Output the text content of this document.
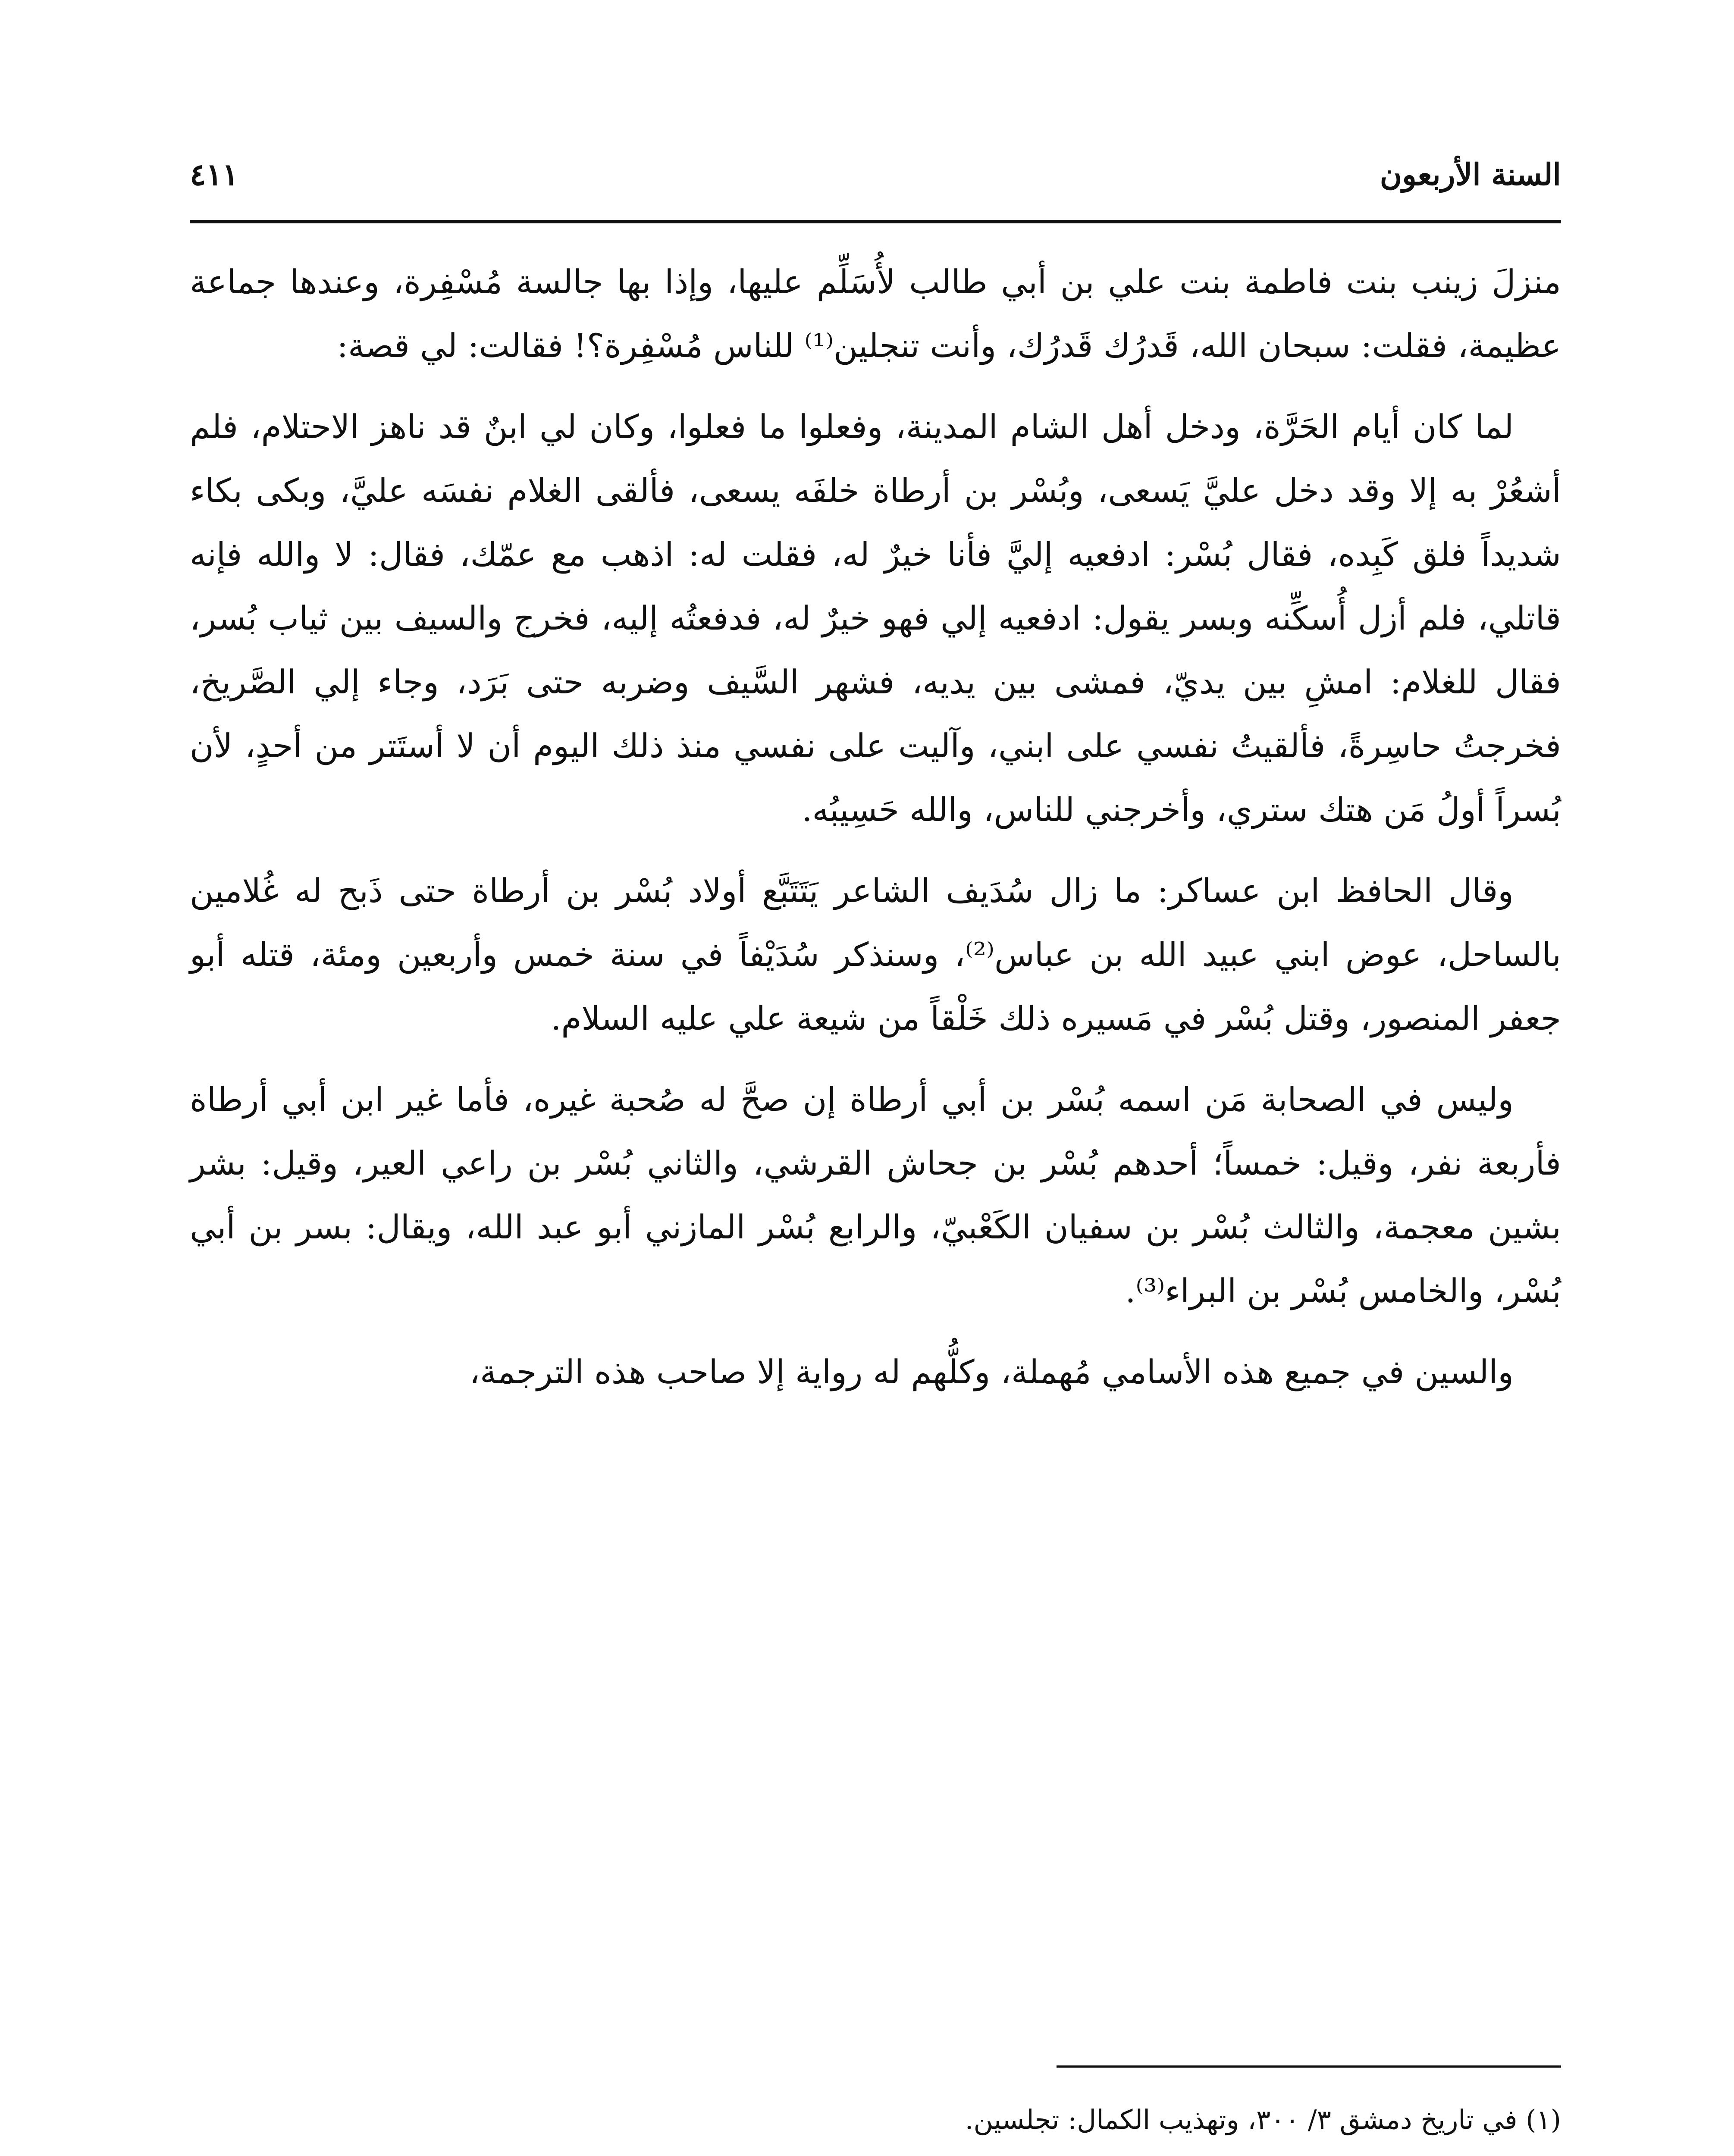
السنة الأربعون
٤١١

منزلَ زينب بنت فاطمة بنت علي بن أبي طالب لأُسَلِّم عليها، وإذا بها جالسة مُسْفِرة، وعندها جماعة عظيمة، فقلت: سبحان الله، قَدرُك قَدرُك، وأنت تنجلين⁽¹⁾ للناس مُسْفِرة؟! فقالت: لي قصة:

لما كان أيام الحَرَّة، ودخل أهل الشام المدينة، وفعلوا ما فعلوا، وكان لي ابنٌ قد ناهز الاحتلام، فلم أشعُرْ به إلا وقد دخل عليَّ يَسعى، وبُسْر بن أرطاة خلفَه يسعى، فألقى الغلام نفسَه عليَّ، وبكى بكاء شديداً فلق كَبِده، فقال بُسْر: ادفعيه إليَّ فأنا خيرٌ له، فقلت له: اذهب مع عمّك، فقال: لا والله فإنه قاتلي، فلم أزل أُسكِّنه وبسر يقول: ادفعيه إلي فهو خيرٌ له، فدفعتُه إليه، فخرج والسيف بين ثياب بُسر، فقال للغلام: امشِ بين يديّ، فمشى بين يديه، فشهر السَّيف وضربه حتى بَرَد، وجاء إلي الصَّريخ، فخرجتُ حاسِرةً، فألقيتُ نفسي على ابني، وآليت على نفسي منذ ذلك اليوم أن لا أستَتر من أحدٍ، لأن بُسراً أولُ مَن هتك ستري، وأخرجني للناس، والله حَسِيبُه.

وقال الحافظ ابن عساكر: ما زال سُدَيف الشاعر يَتَتَبَّع أولاد بُسْر بن أرطاة حتى ذَبح له غُلامين بالساحل، عوض ابني عبيد الله بن عباس⁽²⁾، وسنذكر سُدَيْفاً في سنة خمس وأربعين ومئة، قتله أبو جعفر المنصور، وقتل بُسْر في مَسيره ذلك خَلْقاً من شيعة علي عليه السلام.

وليس في الصحابة مَن اسمه بُسْر بن أبي أرطاة إن صحَّ له صُحبة غيره، فأما غير ابن أبي أرطاة فأربعة نفر، وقيل: خمساً؛ أحدهم بُسْر بن جحاش القرشي، والثاني بُسْر بن راعي العير، وقيل: بشر بشين معجمة، والثالث بُسْر بن سفيان الكَعْبيّ، والرابع بُسْر المازني أبو عبد الله، ويقال: بسر بن أبي بُسْر، والخامس بُسْر بن البراء⁽³⁾.

والسين في جميع هذه الأسامي مُهملة، وكلُّهم له رواية إلا صاحب هذه الترجمة،

(١) في تاريخ دمشق ٣/ ٣٠٠، وتهذيب الكمال: تجلسين.
